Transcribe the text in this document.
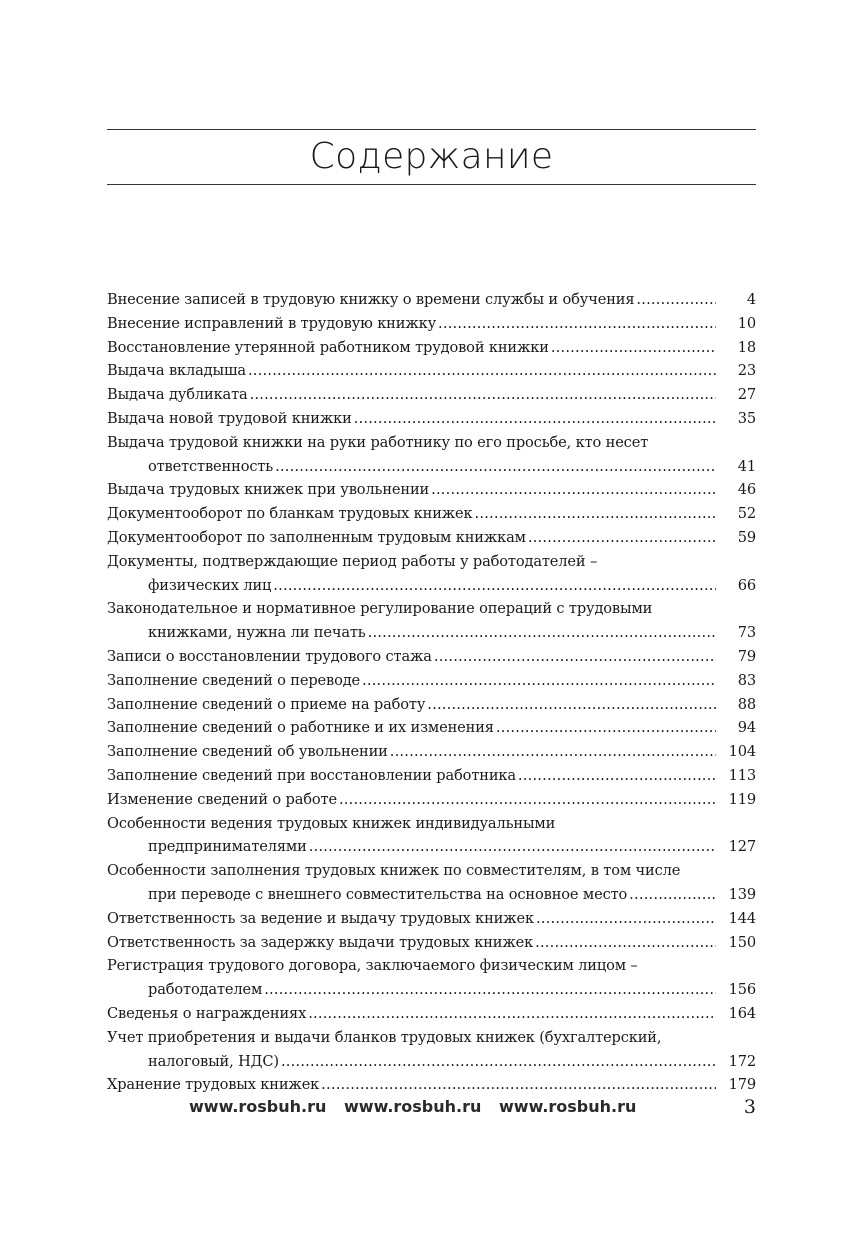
Содержание
Внесение записей в трудовую книжку о времени службы и обучения .....	4
Внесение исправлений в трудовую книжку .....	10
Восстановление утерянной работником трудовой книжки .....	18
Выдача вкладыша .....	23
Выдача дубликата .....	27
Выдача новой трудовой книжки .....	35
Выдача трудовой книжки на руки работнику по его просьбе, кто несет
ответственность .....	41
Выдача трудовых книжек при увольнении .....	46
Документооборот по бланкам трудовых книжек .....	52
Документооборот по заполненным трудовым книжкам .....	59
Документы, подтверждающие период работы у работодателей –
физических лиц .....	66
Законодательное и нормативное регулирование операций с трудовыми
книжками, нужна ли печать .....	73
Записи о восстановлении трудового стажа .....	79
Заполнение сведений о переводе .....	83
Заполнение сведений о приеме на работу .....	88
Заполнение сведений о работнике и их изменения .....	94
Заполнение сведений об увольнении .....	104
Заполнение сведений при восстановлении работника .....	113
Изменение сведений о работе .....	119
Особенности ведения трудовых книжек индивидуальными
предпринимателями .....	127
Особенности заполнения трудовых книжек по совместителям, в том числе
при переводе с внешнего совместительства на основное место .....	139
Ответственность за ведение и выдачу трудовых книжек .....	144
Ответственность за задержку выдачи трудовых книжек .....	150
Регистрация трудового договора, заключаемого физическим лицом –
работодателем .....	156
Сведенья о награждениях .....	164
Учет приобретения и выдачи бланков трудовых книжек (бухгалтерский,
налоговый, НДС) .....	172
Хранение трудовых книжек .....	179
www.rosbuh.ru www.rosbuh.ru www.rosbuh.ru	3
